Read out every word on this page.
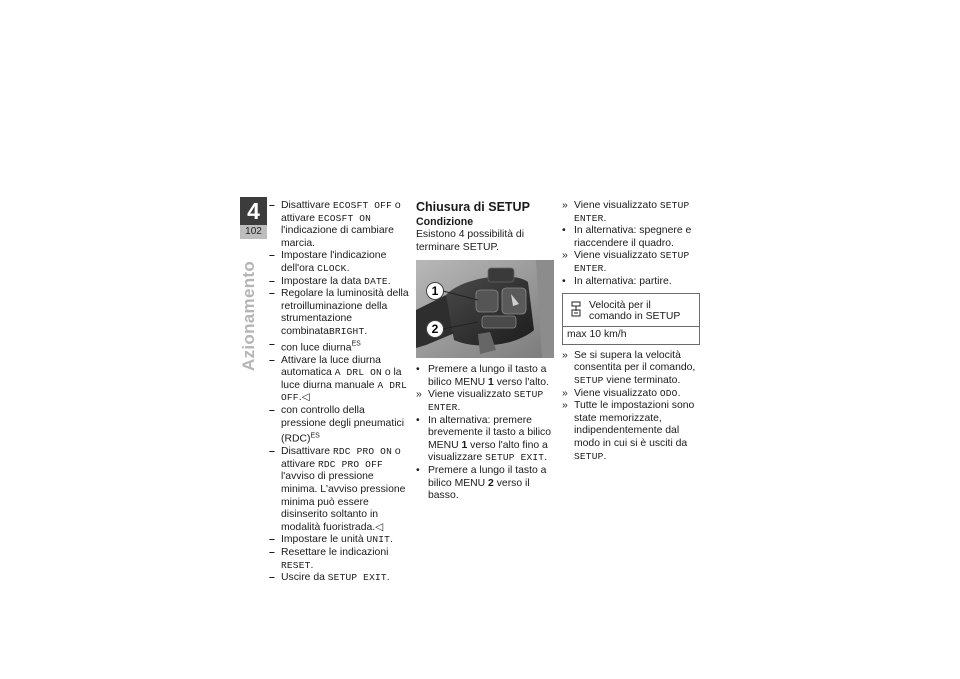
4
102
Azionamento

– Disattivare ECOSFT OFF o attivare ECOSFT ON l'indicazione di cambiare marcia.

– Impostare l'indicazione dell'ora CLOCK.

– Impostare la data DATE.

– Regolare la luminosità della retroilluminazione della strumentazione combinataBRIGHT.

– con luce diurna$^{ES}$

– Attivare la luce diurna automatica A DRL ON o la luce diurna manuale A DRL OFF.◁

– con controllo della pressione degli pneumatici (RDC)$^{ES}$

– Disattivare RDC PRO ON o attivare RDC PRO OFF l'avviso di pressione minima. L'avviso pressione minima può essere disinserito soltanto in modalità fuoristrada.◁

– Impostare le unità UNIT.

– Resettare le indicazioni RESET.

– Uscire da SETUP EXIT.

Chiusura di SETUP
Condizione

Esistono 4 possibilità di terminare SETUP.

1
2

• Premere a lungo il tasto a bilico MENU 1 verso l'alto.

» Viene visualizzato SETUP ENTER.

• In alternativa: premere brevemente il tasto a bilico MENU 1 verso l'alto fino a visualizzare SETUP EXIT.

• Premere a lungo il tasto a bilico MENU 2 verso il basso.

» Viene visualizzato SETUP ENTER.

• In alternativa: spegnere e riaccendere il quadro.

» Viene visualizzato SETUP ENTER.

• In alternativa: partire.

Velocità per il comando in SETUP
max 10 km/h

» Se si supera la velocità consentita per il comando, SETUP viene terminato.

» Viene visualizzato ODO.

» Tutte le impostazioni sono state memorizzate, indipendentemente dal modo in cui si è usciti da SETUP.
